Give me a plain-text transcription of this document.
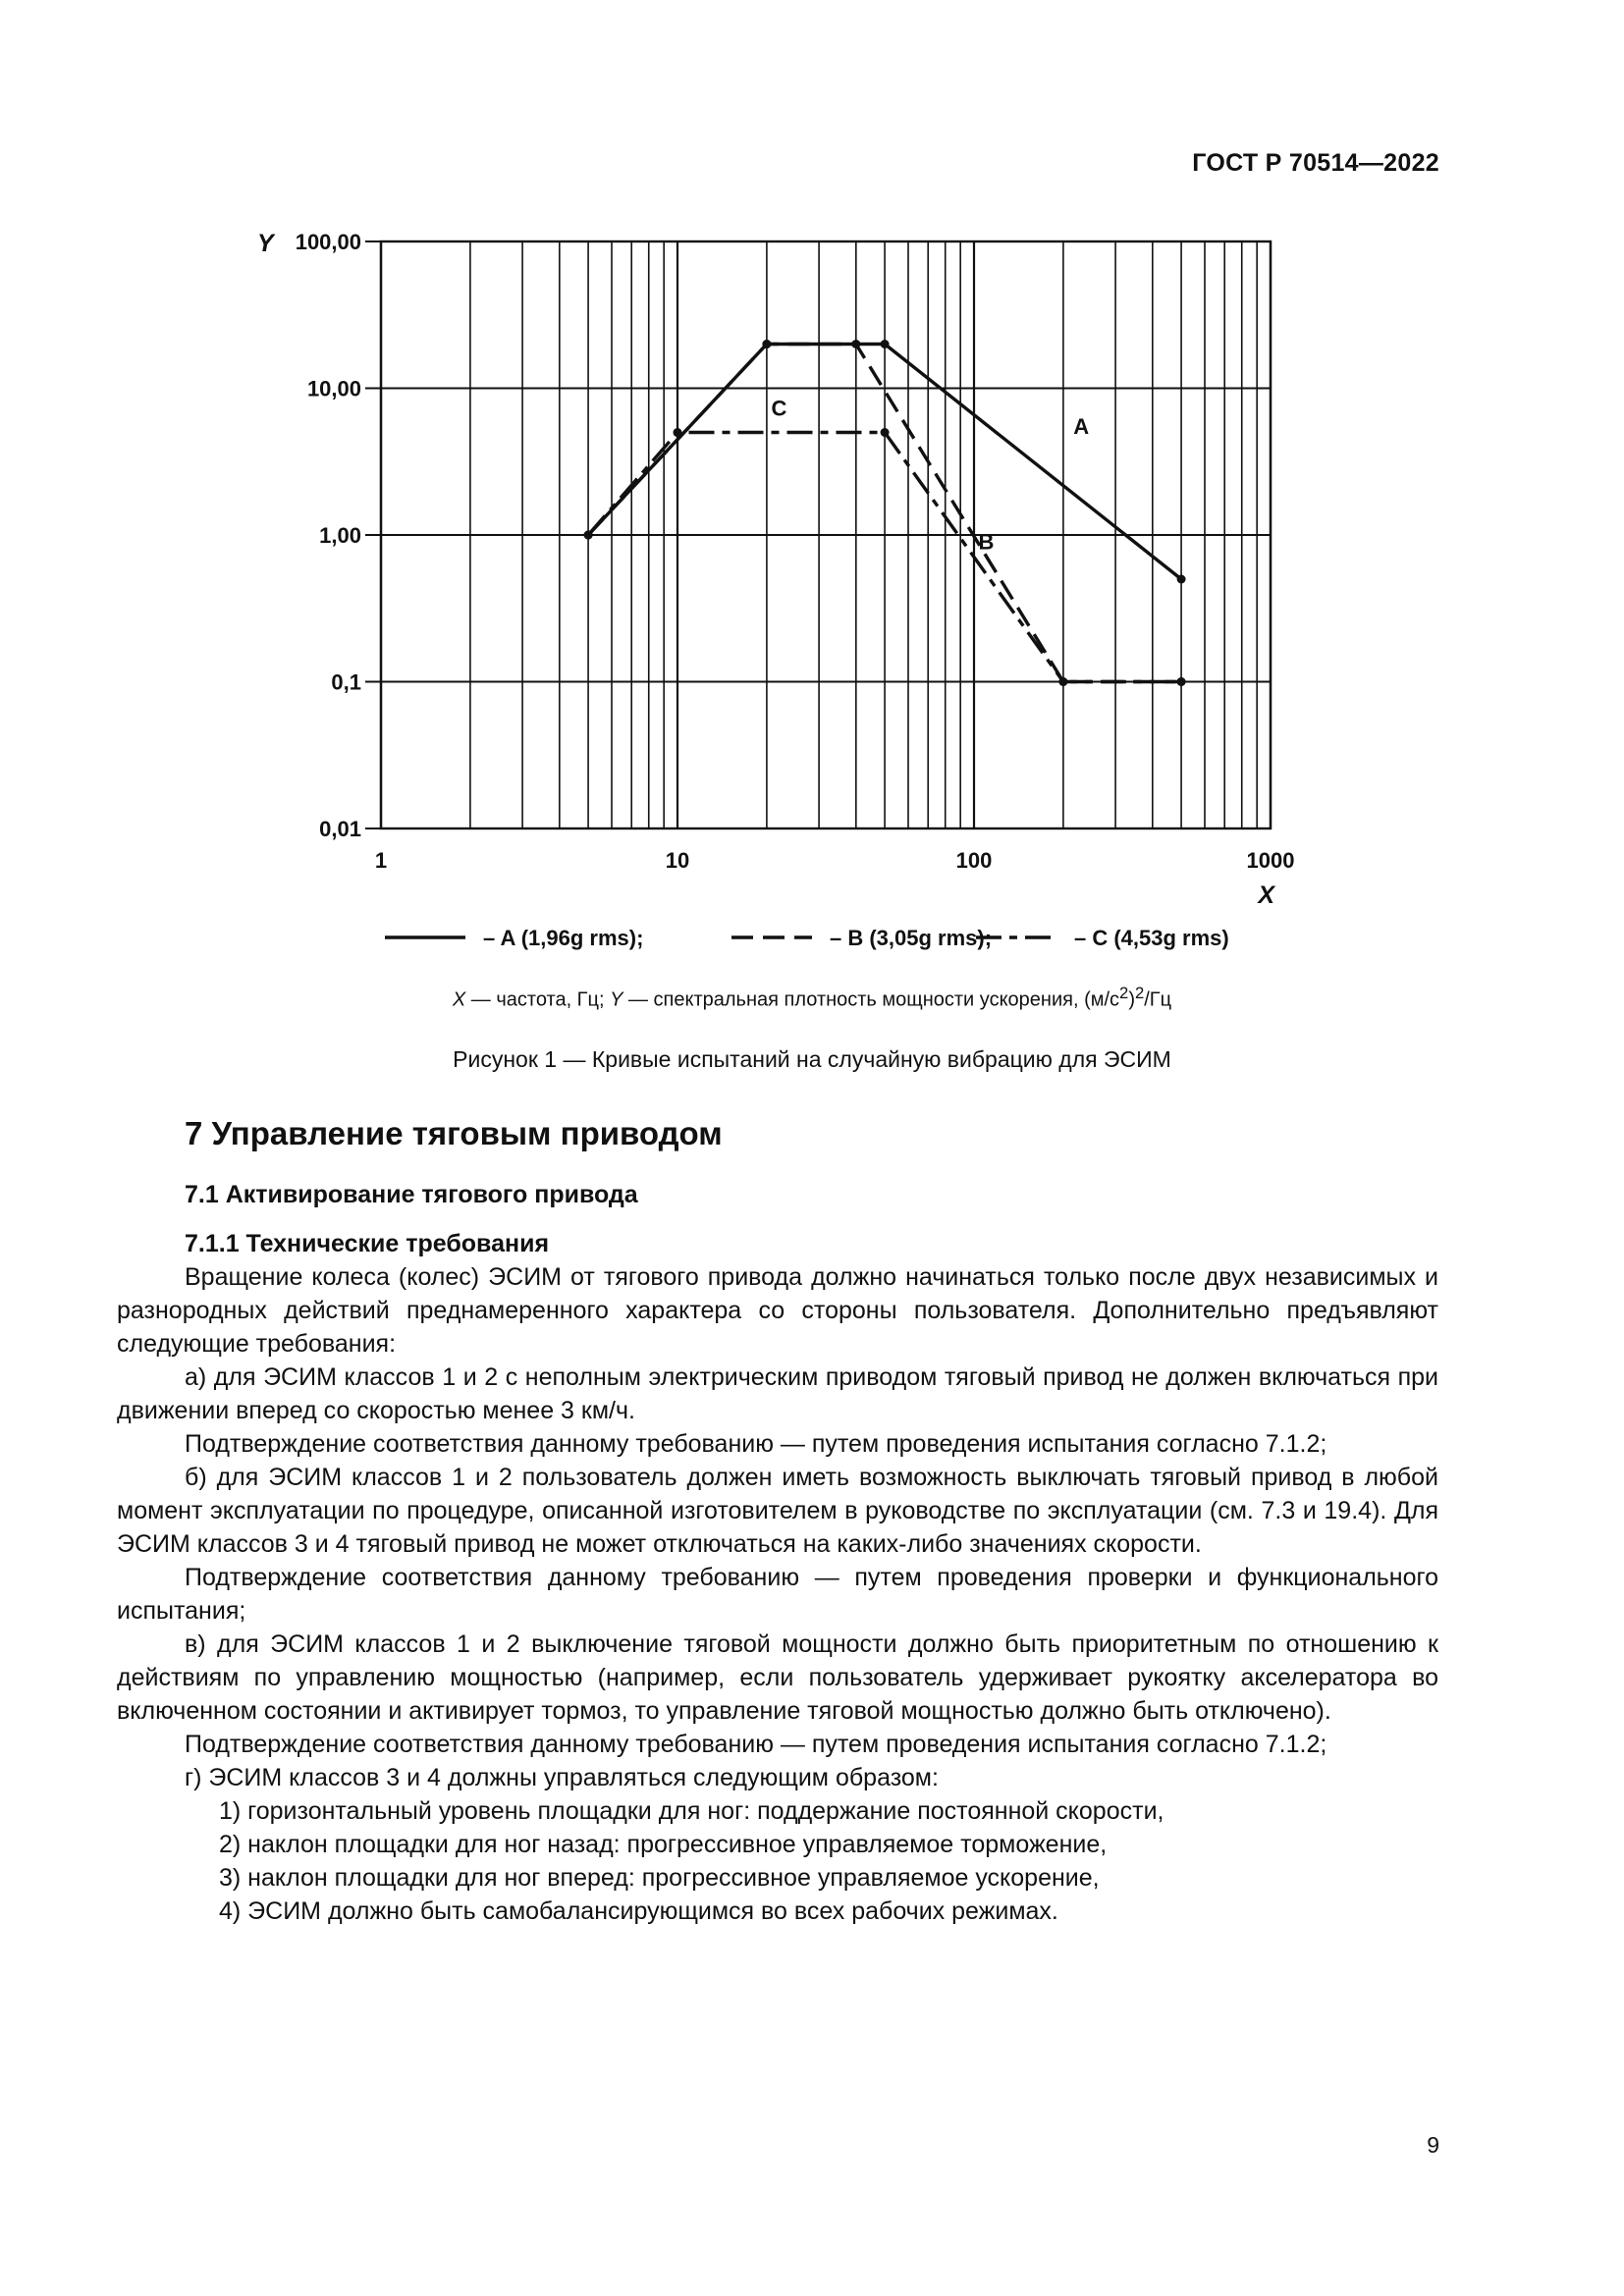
ГОСТ Р 70514—2022
0,01
0,1
1,00
10,00
100,00
1	10	100	1000
Y
X
A
B
C
– A (1,96g rms);	– B (3,05g rms);	– C (4,53g rms)
X — частота, Гц; Y — спектральная плотность мощности ускорения, $(м/с^2)^2/Гц$
Рисунок 1 — Кривые испытаний на случайную вибрацию для ЭСИМ
7 Управление тяговым приводом
7.1 Активирование тягового привода

7.1.1 Технические требования

Вращение колеса (колес) ЭСИМ от тягового привода должно начинаться только после двух независимых и разнородных действий преднамеренного характера со стороны пользователя. Дополнительно предъявляют следующие требования:

а) для ЭСИМ классов 1 и 2 с неполным электрическим приводом тяговый привод не должен включаться при движении вперед со скоростью менее 3 км/ч.

Подтверждение соответствия данному требованию — путем проведения испытания согласно 7.1.2;

б) для ЭСИМ классов 1 и 2 пользователь должен иметь возможность выключать тяговый привод в любой момент эксплуатации по процедуре, описанной изготовителем в руководстве по эксплуатации (см. 7.3 и 19.4). Для ЭСИМ классов 3 и 4 тяговый привод не может отключаться на каких-либо значениях скорости.

Подтверждение соответствия данному требованию — путем проведения проверки и функционального испытания;

в) для ЭСИМ классов 1 и 2 выключение тяговой мощности должно быть приоритетным по отношению к действиям по управлению мощностью (например, если пользователь удерживает рукоятку акселератора во включенном состоянии и активирует тормоз, то управление тяговой мощностью должно быть отключено).

Подтверждение соответствия данному требованию — путем проведения испытания согласно 7.1.2;

г) ЭСИМ классов 3 и 4 должны управляться следующим образом:

1) горизонтальный уровень площадки для ног: поддержание постоянной скорости,

2) наклон площадки для ног назад: прогрессивное управляемое торможение,

3) наклон площадки для ног вперед: прогрессивное управляемое ускорение,

4) ЭСИМ должно быть самобалансирующимся во всех рабочих режимах.

9
